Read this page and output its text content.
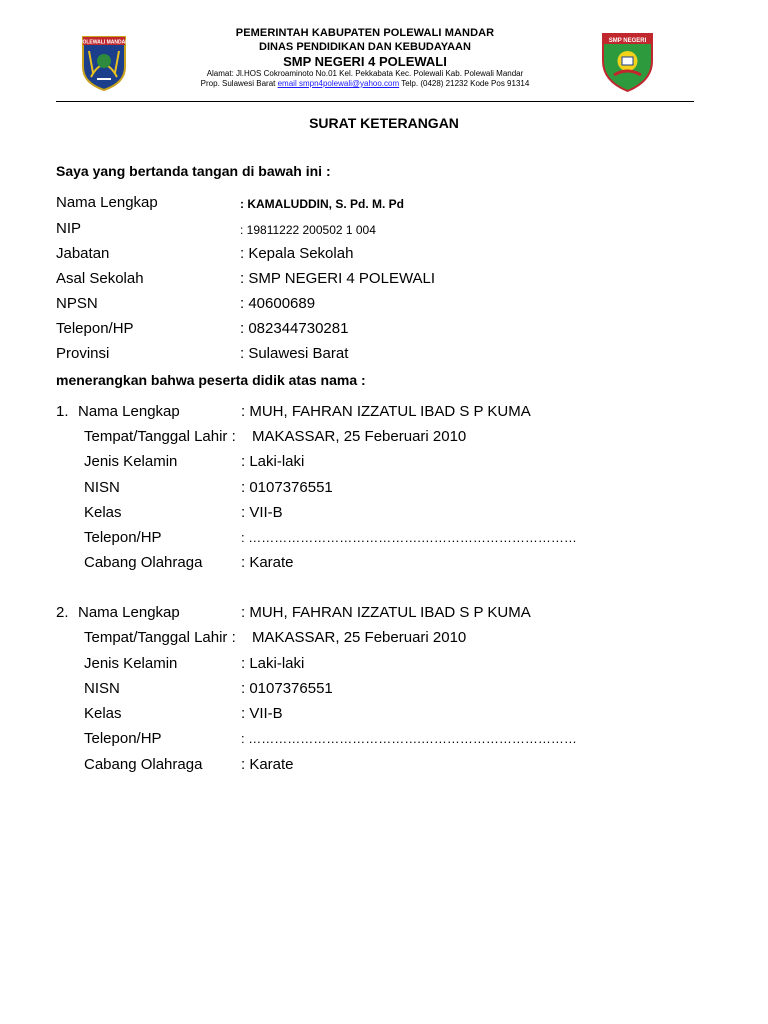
POLEWALI MANDAR	SMP NEGERI
PEMERINTAH KABUPATEN POLEWALI MANDAR
DINAS PENDIDIKAN DAN KEBUDAYAAN
SMP NEGERI 4 POLEWALI
Alamat: Jl.HOS Cokroaminoto No.01 Kel. Pekkabata Kec. Polewali Kab. Polewali Mandar
Prop. Sulawesi Barat email smpn4polewali@yahoo.com Telp. (0428) 21232 Kode Pos 91314
SURAT KETERANGAN
Saya yang bertanda tangan di bawah ini :
Nama Lengkap	: KAMALUDDIN, S. Pd. M. Pd
NIP	: 19811222 200502 1 004
Jabatan	: Kepala Sekolah
Asal Sekolah	: SMP NEGERI 4 POLEWALI
NPSN	: 40600689
Telepon/HP	: 082344730281
Provinsi	: Sulawesi Barat
menerangkan bahwa peserta didik atas nama :
1. Nama Lengkap	: MUH, FAHRAN IZZATUL IBAD S P KUMA
Tempat/Tanggal Lahir : MAKASSAR, 25 Feberuari 2010
Jenis Kelamin	: Laki-laki
NISN	: 0107376551
Kelas	: VII-B
Telepon/HP	: ………………………………….………………………………
Cabang Olahraga	: Karate
2. Nama Lengkap	: MUH, FAHRAN IZZATUL IBAD S P KUMA
Tempat/Tanggal Lahir : MAKASSAR, 25 Feberuari 2010
Jenis Kelamin	: Laki-laki
NISN	: 0107376551
Kelas	: VII-B
Telepon/HP	: ………………………………….………………………………
Cabang Olahraga	: Karate
